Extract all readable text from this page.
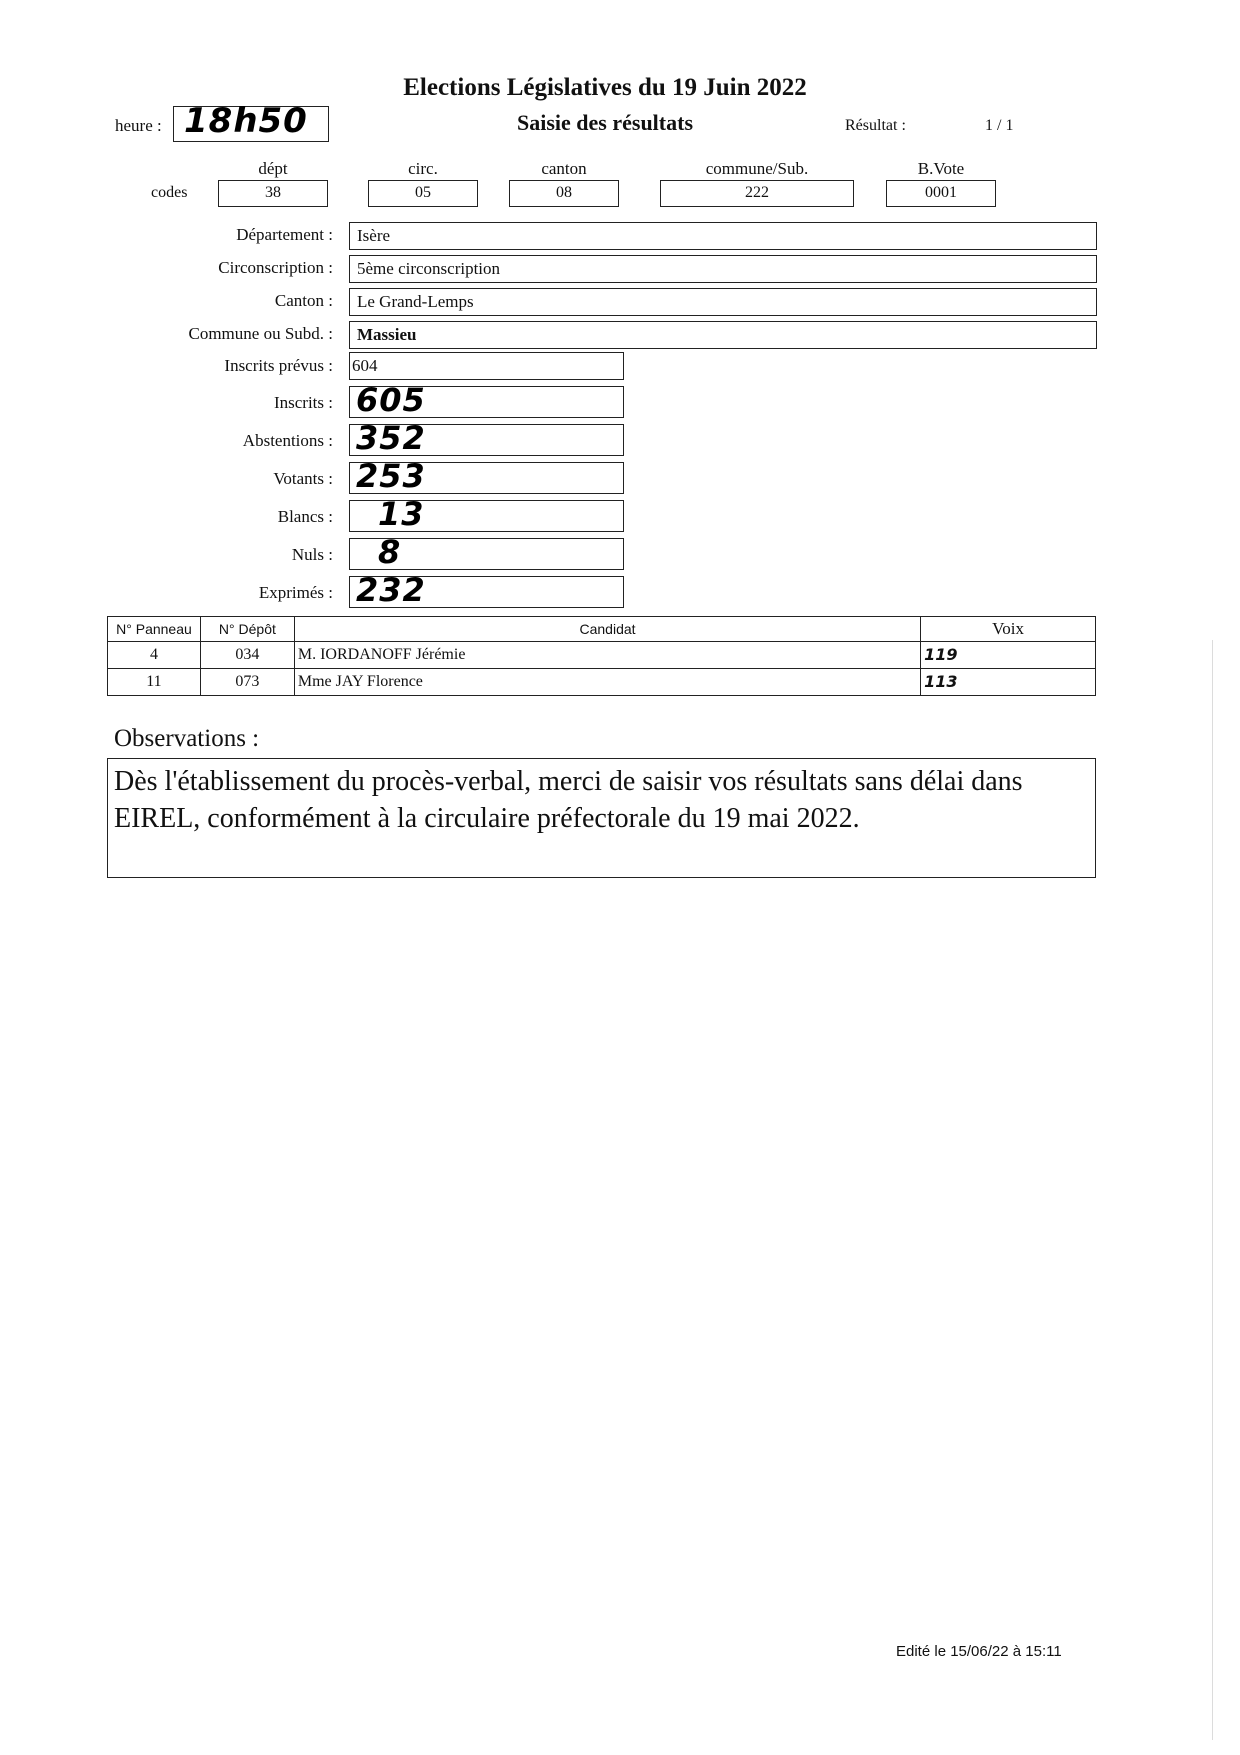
Elections Législatives du 19 Juin 2022
Saisie des résultats
heure : 18h50	Résultat :	1 / 1
dépt	circ.	canton	commune/Sub.	B.Vote
codes	38	05	08	222	0001
Département :	Isère
Circonscription :	5ème circonscription
Canton :	Le Grand-Lemps
Commune ou Subd. :	Massieu
Inscrits prévus : 604
Inscrits : 605
Abstentions : 352
Votants : 253
Blancs : 13
Nuls : 8
Exprimés : 232
N° Panneau	N° Dépôt	Candidat	Voix
4	034	M. IORDANOFF Jérémie	119
11	073	Mme JAY Florence	113
Observations :
Dès l'établissement du procès-verbal, merci de saisir vos résultats sans délai dans EIREL, conformément à la circulaire préfectorale du 19 mai 2022.
Edité le 15/06/22 à 15:11
